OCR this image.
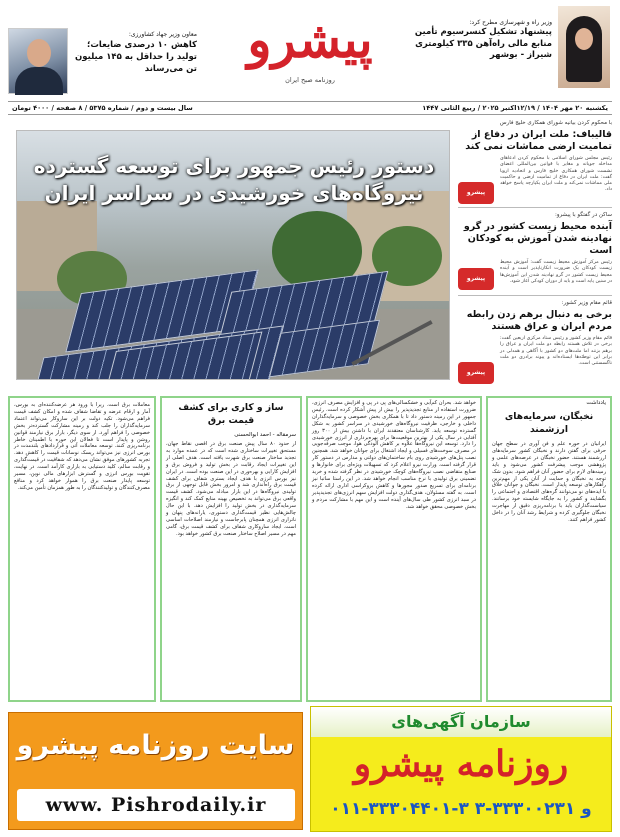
معاون وزیر جهاد کشاورزی:
کاهش ۱۰ درصدی ضایعات؛ تولید را حداقل به ۱۴۵ میلیون تن می‌رساند پیشرو
روزنامه صبح ایران
وزیر راه و شهرسازی مطرح کرد:
پیشنهاد تشکیل کنسرسیوم تأمین منابع مالی راه‌آهن ۳۳۵ کیلومتری شیراز - بوشهر
یکشنبه ۲۰ مهر ۱۴۰۴ / ۱۲/۱۹اکتبر ۲۰۲۵ / ربیع الثانی ۱۴۴۷
سال بیست و دوم / شماره ۵۳۷۵ / ۸ صفحه / ۴۰۰۰ تومان
دستور رئیس جمهور برای توسعه گسترده نیروگاه‌های خورشیدی در سراسر ایران
با محکوم کردن بیانیه شورای همکاری خلیج فارس
قالیباف: ملت ایران در دفاع از تمامیت ارضی مماشات نمی کند
رئیس مجلس شورای اسلامی با محکوم کردن ادعاهای مداخله جویانه و مغایر با قوانین بین‌المللی اعضای نشست شورای همکاری خلیج فارس و اتحادیه اروپا گفت: ملت ایران در دفاع از تمامیت ارضی و حاکمیت ملی مماشات نمی‌کند و ملت ایران یکپارچه پاسخ خواهد داد.
پیشرو
ساکن در گفتگو با پیشرو:
آینده محیط زیست کشور در گرو نهادینه شدن آموزش به کودکان است
رئیس مرکز آموزش محیط زیست گفت: آموزش محیط زیست کودکان یک ضرورت انکارناپذیر است و آینده محیط زیست کشور در گرو نهادینه شدن این آموزش‌ها در سنین پایه است و باید از دوران کودکی آغاز شود.
پیشرو
قائم مقام وزیر کشور:
برخی به دنبال برهم زدن رابطه مردم ایران و عراق هستند
قائم مقام وزیر کشور و رئیس ستاد مرکزی اربعین گفت: برخی در تلاش هستند رابطه دو ملت ایران و عراق را برهم بزنند اما ملت‌های دو کشور با آگاهی و همدلی در برابر این توطئه‌ها ایستاده‌اند و پیوند برادری دو ملت ناگسستنی است.
پیشرو
یادداشت
نخبگان، سرمایه‌های ارزشمند
ایرانیان در حوزه علم و فن آوری در سطح جهان حرفی برای گفتن دارند و نخبگان کشور سرمایه‌های ارزشمند هستند. حضور نخبگان در عرصه‌های علمی و پژوهشی موجب پیشرفت کشور می‌شود و باید زمینه‌های لازم برای حضور آنان فراهم شود. بدون شک توجه به نخبگان و حمایت از آنان یکی از مهم‌ترین راهکارهای توسعه پایدار است. نخبگان و جوانان خلاق با ایده‌های نو می‌توانند گره‌های اقتصادی و اجتماعی را بگشایند و کشور را به جایگاه شایسته خود برسانند. سیاست‌گذاران باید با برنامه‌ریزی دقیق از مهاجرت نخبگان جلوگیری کرده و شرایط رشد آنان را در داخل کشور فراهم کنند.
خواهد شد. بحران کم‌آبی و خشکسالی‌های پی در پی و افزایش مصرف انرژی، ضرورت استفاده از منابع تجدیدپذیر را بیش از پیش آشکار کرده است. رئیس جمهور در این زمینه دستور داد تا با همکاری بخش خصوصی و سرمایه‌گذاران داخلی و خارجی، ظرفیت نیروگاه‌های خورشیدی در سراسر کشور به شکل گسترده توسعه یابد. کارشناسان معتقدند ایران با داشتن بیش از ۳۰۰ روز آفتابی در سال یکی از بهترین موقعیت‌ها برای بهره‌برداری از انرژی خورشیدی را دارد. توسعه این نیروگاه‌ها علاوه بر کاهش آلودگی هوا، موجب صرفه‌جویی در مصرف سوخت‌های فسیلی و ایجاد اشتغال برای جوانان خواهد شد. همچنین نصب پنل‌های خورشیدی روی بام ساختمان‌های دولتی و مدارس در دستور کار قرار گرفته است. وزارت نیرو اعلام کرد که تسهیلات ویژه‌ای برای خانوارها و صنایع متقاضی نصب نیروگاه‌های کوچک خورشیدی در نظر گرفته شده و خرید تضمینی برق تولیدی با نرخ مناسب انجام خواهد شد. در این راستا ساتبا نیز برنامه‌ای برای تسریع صدور مجوزها و کاهش بروکراسی اداری ارائه کرده است. به گفته مسئولان، هدف‌گذاری دولت افزایش سهم انرژی‌های تجدیدپذیر در سبد انرژی کشور طی سال‌های آینده است و این مهم با مشارکت مردم و بخش خصوصی محقق خواهد شد.
ساز و کاری برای کشف قیمت برق
سرمقاله - احمد ابوالحسنی
از حدود ۸۰ سال پیش صنعت برق در اقصی نقاط جهان، مستحق تغییرات ساختاری شده است که در عمده موارد به تجدید ساختار صنعت برق شهرت یافته است. هدف اصلی از این تغییرات ایجاد رقابت در بخش تولید و فروش برق و افزایش کارایی و بهره‌وری در این صنعت بوده است. در ایران نیز بورس انرژی با هدف ایجاد بستری شفاف برای کشف قیمت برق راه‌اندازی شد و امروز بخش قابل توجهی از برق تولیدی نیروگاه‌ها در این بازار مبادله می‌شود. کشف قیمت واقعی برق می‌تواند به تخصیص بهینه منابع کمک کند و انگیزه سرمایه‌گذاری در بخش تولید را افزایش دهد. با این حال چالش‌هایی نظیر قیمت‌گذاری دستوری، یارانه‌های پنهان و ناترازی انرژی همچنان پابرجاست و نیازمند اصلاحات اساسی است. ایجاد سازوکاری شفاف برای کشف قیمت برق، گامی مهم در مسیر اصلاح ساختار صنعت برق کشور خواهد بود.
معاملات برق است. زیرا با ورود هر عرضه‌کننده‌ای به بورس، آمار و ارقام عرضه و تقاضا شفاف شده و امکان کشف قیمت فراهم می‌شود. تکیه دولت بر این سازوکار می‌تواند اعتماد سرمایه‌گذاران را جلب کند و زمینه مشارکت گسترده‌تر بخش خصوصی را فراهم آورد. از سوی دیگر، بازار برق نیازمند قوانین روشن و پایدار است تا فعالان این حوزه با اطمینان خاطر برنامه‌ریزی کنند. توسعه معاملات آتی و قراردادهای بلندمدت در بورس انرژی نیز می‌تواند ریسک نوسانات قیمت را کاهش دهد. تجربه کشورهای موفق نشان می‌دهد که شفافیت در قیمت‌گذاری و رقابت سالم، کلید دستیابی به بازاری کارآمد است. در نهایت، تقویت بورس انرژی و گسترش ابزارهای مالی نوین، مسیر توسعه پایدار صنعت برق را هموار خواهد کرد و منافع مصرف‌کنندگان و تولیدکنندگان را به طور همزمان تأمین می‌کند.
سایت روزنامه پیشرو
www. Pishrodaily.ir
سازمان آگهی‌های
روزنامه پیشرو
۰۱۱-۳۳۳۰۴۴۰۱-۳ و ۳۳۳۰۰۲۳۱-۳
